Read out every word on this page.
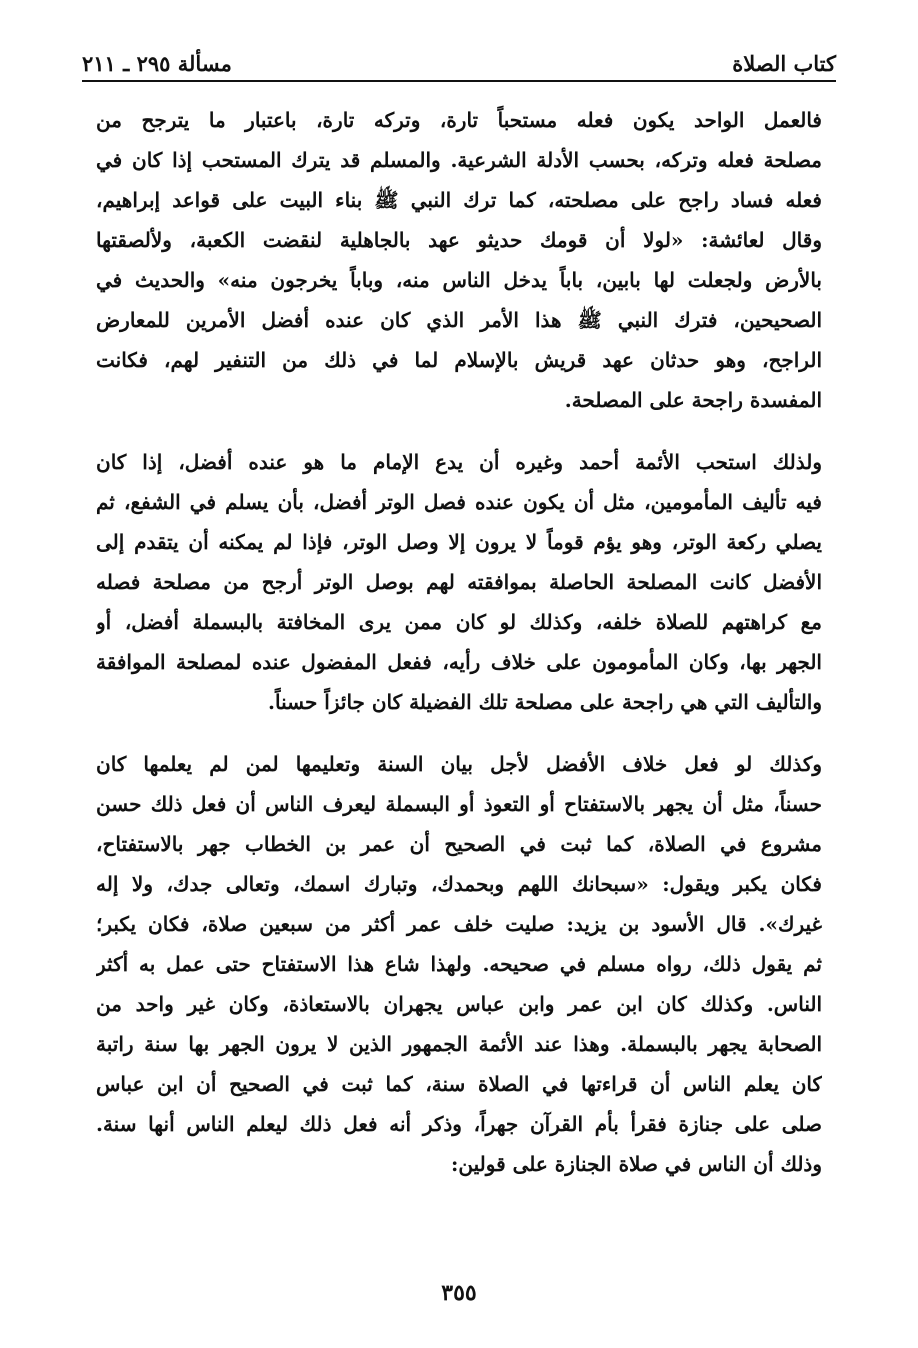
كتاب الصلاة
مسألة ٢٩٥ ـ ٢١١
فالعمل الواحد يكون فعله مستحباً تارة، وتركه تارة، باعتبار ما يترجح من
مصلحة فعله وتركه، بحسب الأدلة الشرعية. والمسلم قد يترك المستحب إذا كان في
فعله فساد راجح على مصلحته، كما ترك النبي ﷺ بناء البيت على قواعد إبراهيم،
وقال لعائشة: «لولا أن قومك حديثو عهد بالجاهلية لنقضت الكعبة، ولألصقتها
بالأرض ولجعلت لها بابين، باباً يدخل الناس منه، وباباً يخرجون منه» والحديث في
الصحيحين، فترك النبي ﷺ هذا الأمر الذي كان عنده أفضل الأمرين للمعارض
الراجح، وهو حدثان عهد قريش بالإسلام لما في ذلك من التنفير لهم، فكانت
المفسدة راجحة على المصلحة.
ولذلك استحب الأئمة أحمد وغيره أن يدع الإمام ما هو عنده أفضل، إذا كان
فيه تأليف المأمومين، مثل أن يكون عنده فصل الوتر أفضل، بأن يسلم في الشفع، ثم
يصلي ركعة الوتر، وهو يؤم قوماً لا يرون إلا وصل الوتر، فإذا لم يمكنه أن يتقدم إلى
الأفضل كانت المصلحة الحاصلة بموافقته لهم بوصل الوتر أرجح من مصلحة فصله
مع كراهتهم للصلاة خلفه، وكذلك لو كان ممن يرى المخافتة بالبسملة أفضل، أو
الجهر بها، وكان المأمومون على خلاف رأيه، ففعل المفضول عنده لمصلحة الموافقة
والتأليف التي هي راجحة على مصلحة تلك الفضيلة كان جائزاً حسناً.
وكذلك لو فعل خلاف الأفضل لأجل بيان السنة وتعليمها لمن لم يعلمها كان
حسناً، مثل أن يجهر بالاستفتاح أو التعوذ أو البسملة ليعرف الناس أن فعل ذلك حسن
مشروع في الصلاة، كما ثبت في الصحيح أن عمر بن الخطاب جهر بالاستفتاح،
فكان يكبر ويقول: «سبحانك اللهم وبحمدك، وتبارك اسمك، وتعالى جدك، ولا إله
غيرك». قال الأسود بن يزيد: صليت خلف عمر أكثر من سبعين صلاة، فكان يكبر؛
ثم يقول ذلك، رواه مسلم في صحيحه. ولهذا شاع هذا الاستفتاح حتى عمل به أكثر
الناس. وكذلك كان ابن عمر وابن عباس يجهران بالاستعاذة، وكان غير واحد من
الصحابة يجهر بالبسملة. وهذا عند الأئمة الجمهور الذين لا يرون الجهر بها سنة راتبة
كان يعلم الناس أن قراءتها في الصلاة سنة، كما ثبت في الصحيح أن ابن عباس
صلى على جنازة فقرأ بأم القرآن جهراً، وذكر أنه فعل ذلك ليعلم الناس أنها سنة.
وذلك أن الناس في صلاة الجنازة على قولين:
٣٥٥
